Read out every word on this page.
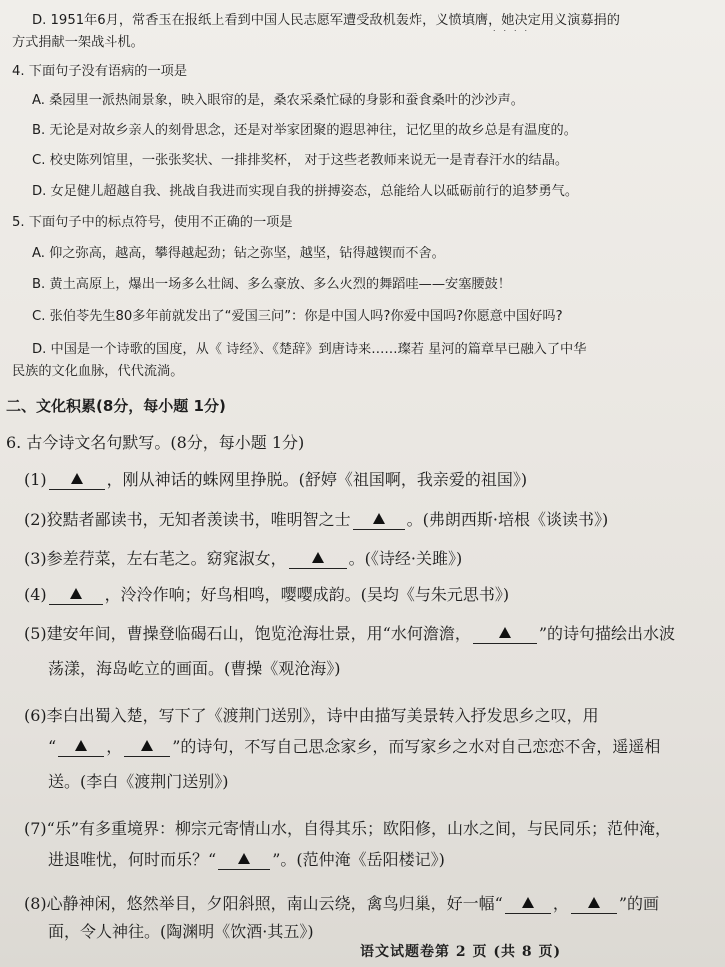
˙˙˙˙
D. 1951年6月，常香玉在报纸上看到中国人民志愿军遭受敌机轰炸，义愤填膺，她决定用义演募捐的
方式捐献一架战斗机。
4. 下面句子没有语病的一项是
A. 桑园里一派热闹景象，映入眼帘的是，桑农采桑忙碌的身影和蚕食桑叶的沙沙声。
B. 无论是对故乡亲人的刻骨思念，还是对举家团聚的遐思神往，记忆里的故乡总是有温度的。
C. 校史陈列馆里，一张张奖状、一排排奖杯， 对于这些老教师来说无一是青春汗水的结晶。
D. 女足健儿超越自我、挑战自我进而实现自我的拼搏姿态，总能给人以砥砺前行的追梦勇气。
5. 下面句子中的标点符号，使用不正确的一项是
A. 仰之弥高，越高，攀得越起劲；钻之弥坚，越坚，钻得越锲而不舍。
B. 黄土高原上，爆出一场多么壮阔、多么豪放、多么火烈的舞蹈哇——安塞腰鼓！
C. 张伯苓先生80多年前就发出了“爱国三问”：你是中国人吗?你爱中国吗?你愿意中国好吗?
D. 中国是一个诗歌的国度，从《 诗经》、《楚辞》到唐诗来……璨若 星河的篇章早已融入了中华
民族的文化血脉，代代流淌。
二、文化积累(8分，每小题 1分)
6. 古今诗文名句默写。(8分，每小题 1分)
(1)	，刚从神话的蛛网里挣脱。(舒婷《祖国啊，我亲爱的祖国》)
(2)狡黠者鄙读书，无知者羡读书，唯明智之士	。(弗朗西斯·培根《谈读书》)
(3)参差荇菜，左右芼之。窈窕淑女，	。(《诗经·关雎》)
(4)	，泠泠作响；好鸟相鸣，嘤嘤成韵。(吴均《与朱元思书》)
(5)建安年间，曹操登临碣石山，饱览沧海壮景，用“水何澹澹，	”的诗句描绘出水波
荡漾，海岛屹立的画面。(曹操《观沧海》)
(6)李白出蜀入楚，写下了《渡荆门送别》，诗中由描写美景转入抒发思乡之叹，用
“	，	”的诗句，不写自己思念家乡，而写家乡之水对自己恋恋不舍，遥遥相
送。(李白《渡荆门送别》)
(7)“乐”有多重境界：柳宗元寄情山水，自得其乐；欧阳修，山水之间，与民同乐；范仲淹，
进退唯忧，何时而乐？“	”。(范仲淹《岳阳楼记》)
(8)心静神闲，悠然举目，夕阳斜照，南山云绕，禽鸟归巢，好一幅“	，	”的画
面，令人神往。(陶渊明《饮酒·其五》)
语文试题卷第 2 页 (共 8 页)
